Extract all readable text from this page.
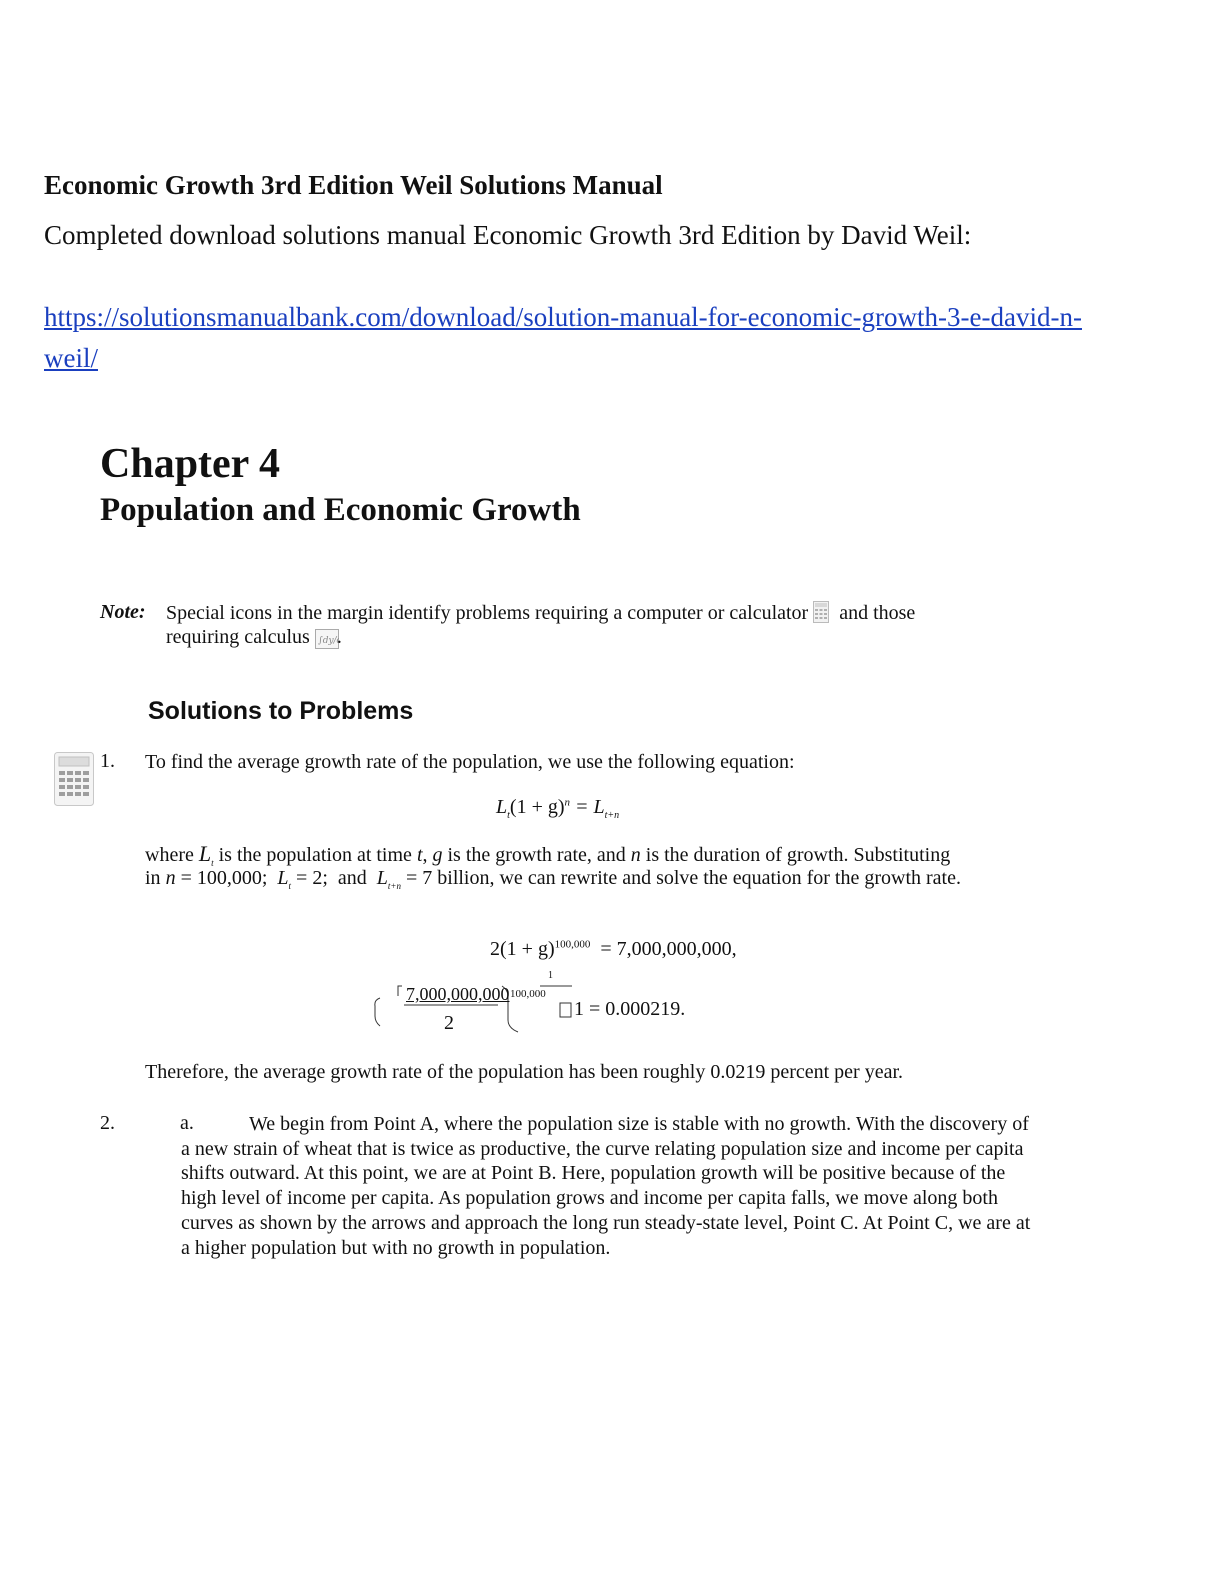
Economic Growth 3rd Edition Weil Solutions Manual
Completed download solutions manual Economic Growth 3rd Edition by David Weil:
https://solutionsmanualbank.com/download/solution-manual-for-economic-growth-3-e-david-n-weil/
Chapter 4
Population and Economic Growth
Note: Special icons in the margin identify problems requiring a computer or calculator and those
requiring calculus ∫dy/ .
Solutions to Problems
1. To find the average growth rate of the population, we use the following equation:
$L_t(1 + g)^n = L_{t+n}$
where $L_t$ is the population at time t, g is the growth rate, and n is the duration of growth. Substituting
in n = 100,000; $L_t = 2$; and $L_{t+n} = 7$ billion, we can rewrite and solve the equation for the growth rate.
$2(1 + g)^{100,000} = 7,000,000,000$,
7,000,000,000
2
1
100,000
1 = 0.000219.
Therefore, the average growth rate of the population has been roughly 0.0219 percent per year.
2.	a.	We begin from Point A, where the population size is stable with no growth. With the discovery of a new strain of wheat that is twice as productive, the curve relating population size and income per capita shifts outward. At this point, we are at Point B. Here, population growth will be positive because of the high level of income per capita. As population grows and income per capita falls, we move along both curves as shown by the arrows and approach the long run steady-state level, Point C. At Point C, we are at a higher population but with no growth in population.
